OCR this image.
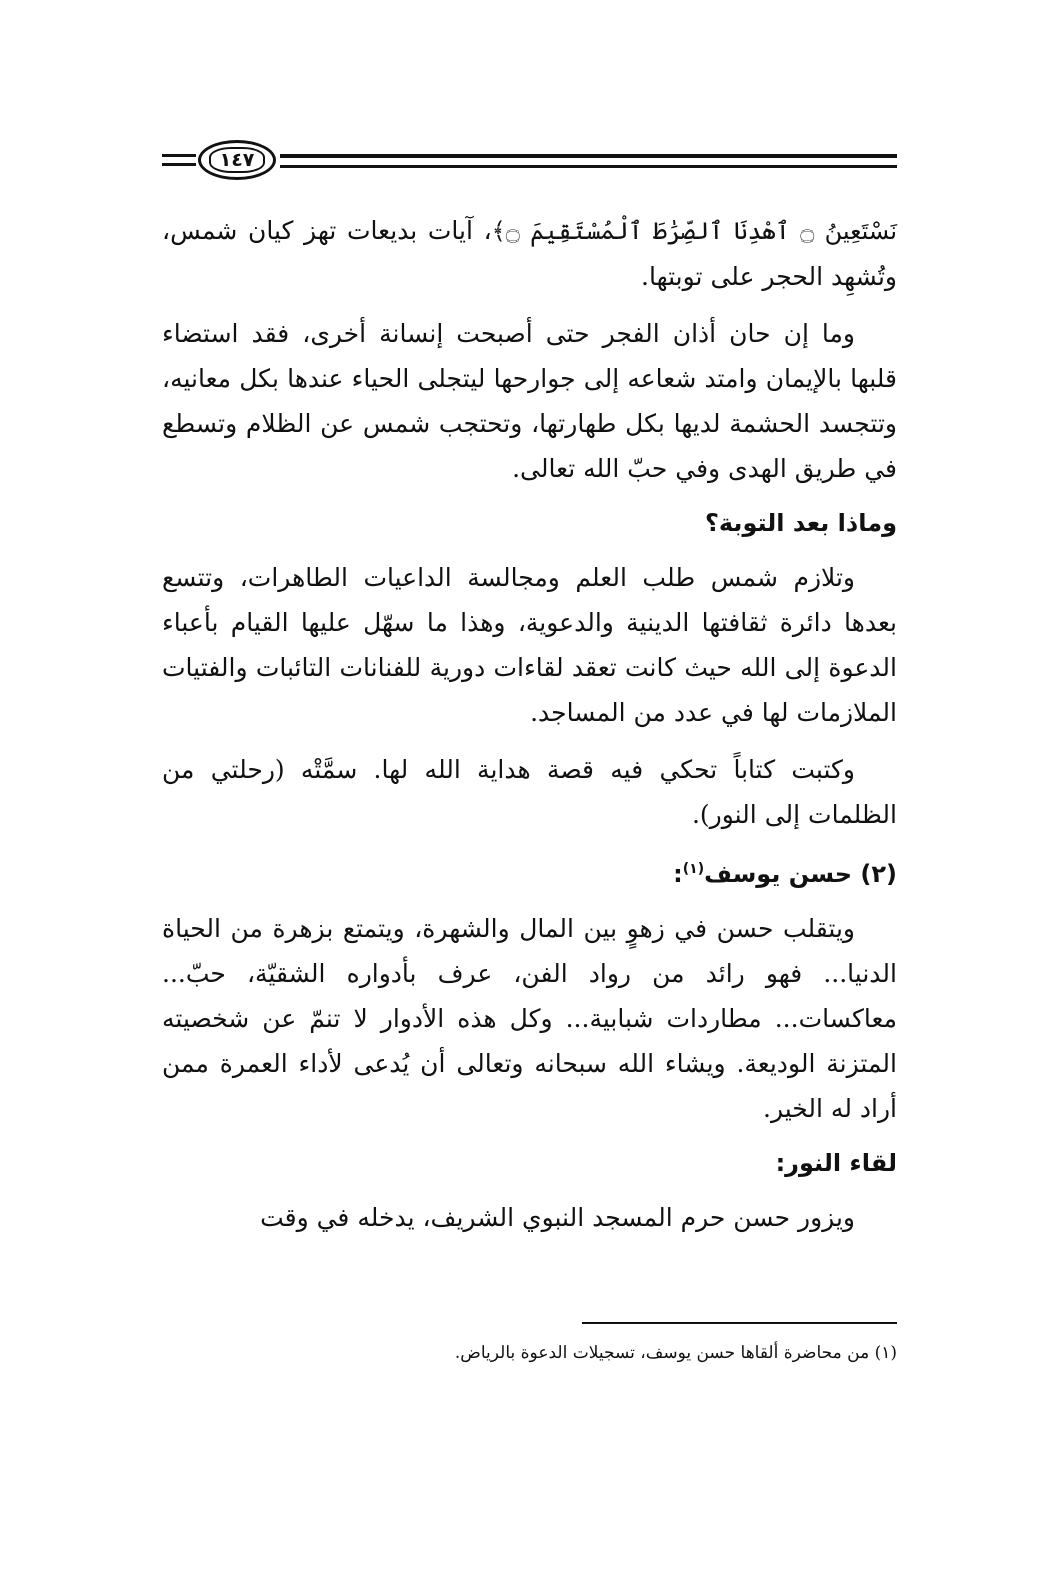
١٤٧

نَسْتَعِينُ ۝ ٱهْدِنَا ٱلصِّرَٰطَ ٱلْمُسْتَقِيمَ ۝﴾، آيات بديعات تهز كيان شمس، وتُشهِد الحجر على توبتها.

وما إن حان أذان الفجر حتى أصبحت إنسانة أخرى، فقد استضاء قلبها بالإيمان وامتد شعاعه إلى جوارحها ليتجلى الحياء عندها بكل معانيه، وتتجسد الحشمة لديها بكل طهارتها، وتحتجب شمس عن الظلام وتسطع في طريق الهدى وفي حبّ الله تعالى.

وماذا بعد التوبة؟

وتلازم شمس طلب العلم ومجالسة الداعيات الطاهرات، وتتسع بعدها دائرة ثقافتها الدينية والدعوية، وهذا ما سهّل عليها القيام بأعباء الدعوة إلى الله حيث كانت تعقد لقاءات دورية للفنانات التائبات والفتيات الملازمات لها في عدد من المساجد.

وكتبت كتاباً تحكي فيه قصة هداية الله لها. سمَّتْه (رحلتي من الظلمات إلى النور).

(٢) حسن يوسف$^{(١)}$:

ويتقلب حسن في زهوٍ بين المال والشهرة، ويتمتع بزهرة من الحياة الدنيا... فهو رائد من رواد الفن، عرف بأدواره الشقيّة، حبّ... معاكسات... مطاردات شبابية... وكل هذه الأدوار لا تنمّ عن شخصيته المتزنة الوديعة. ويشاء الله سبحانه وتعالى أن يُدعى لأداء العمرة ممن أراد له الخير.

لقاء النور:

ويزور حسن حرم المسجد النبوي الشريف، يدخله في وقت

(١) من محاضرة ألقاها حسن يوسف، تسجيلات الدعوة بالرياض.
